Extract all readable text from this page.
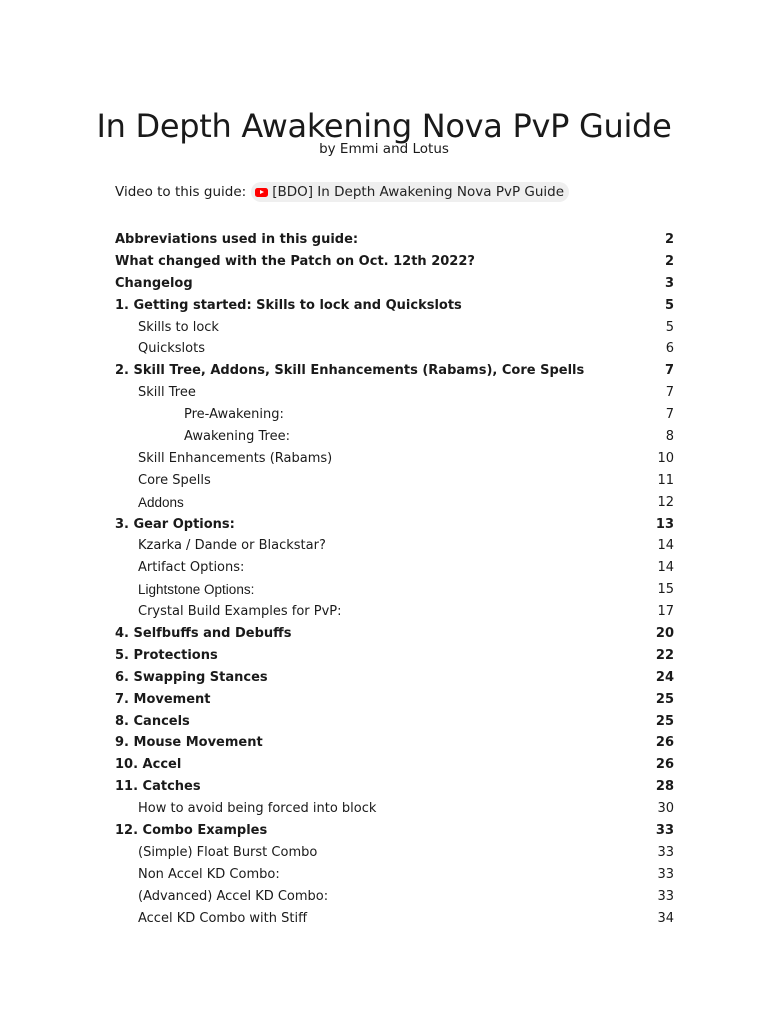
In Depth Awakening Nova PvP Guide
by Emmi and Lotus
Video to this guide: [BDO] In Depth Awakening Nova PvP Guide
Abbreviations used in this guide:	2
What changed with the Patch on Oct. 12th 2022?	2
Changelog	3
1. Getting started: Skills to lock and Quickslots	5
Skills to lock	5
Quickslots	6
2. Skill Tree, Addons, Skill Enhancements (Rabams), Core Spells	7
Skill Tree	7
Pre-Awakening:	7
Awakening Tree:	8
Skill Enhancements (Rabams)	10
Core Spells	11
Addons	12
3. Gear Options:	13
Kzarka / Dande or Blackstar?	14
Artifact Options:	14
Lightstone Options:	15
Crystal Build Examples for PvP:	17
4. Selfbuffs and Debuffs	20
5. Protections	22
6. Swapping Stances	24
7. Movement	25
8. Cancels	25
9. Mouse Movement	26
10. Accel	26
11. Catches	28
How to avoid being forced into block	30
12. Combo Examples	33
(Simple) Float Burst Combo	33
Non Accel KD Combo:	33
(Advanced) Accel KD Combo:	33
Accel KD Combo with Stiff	34
